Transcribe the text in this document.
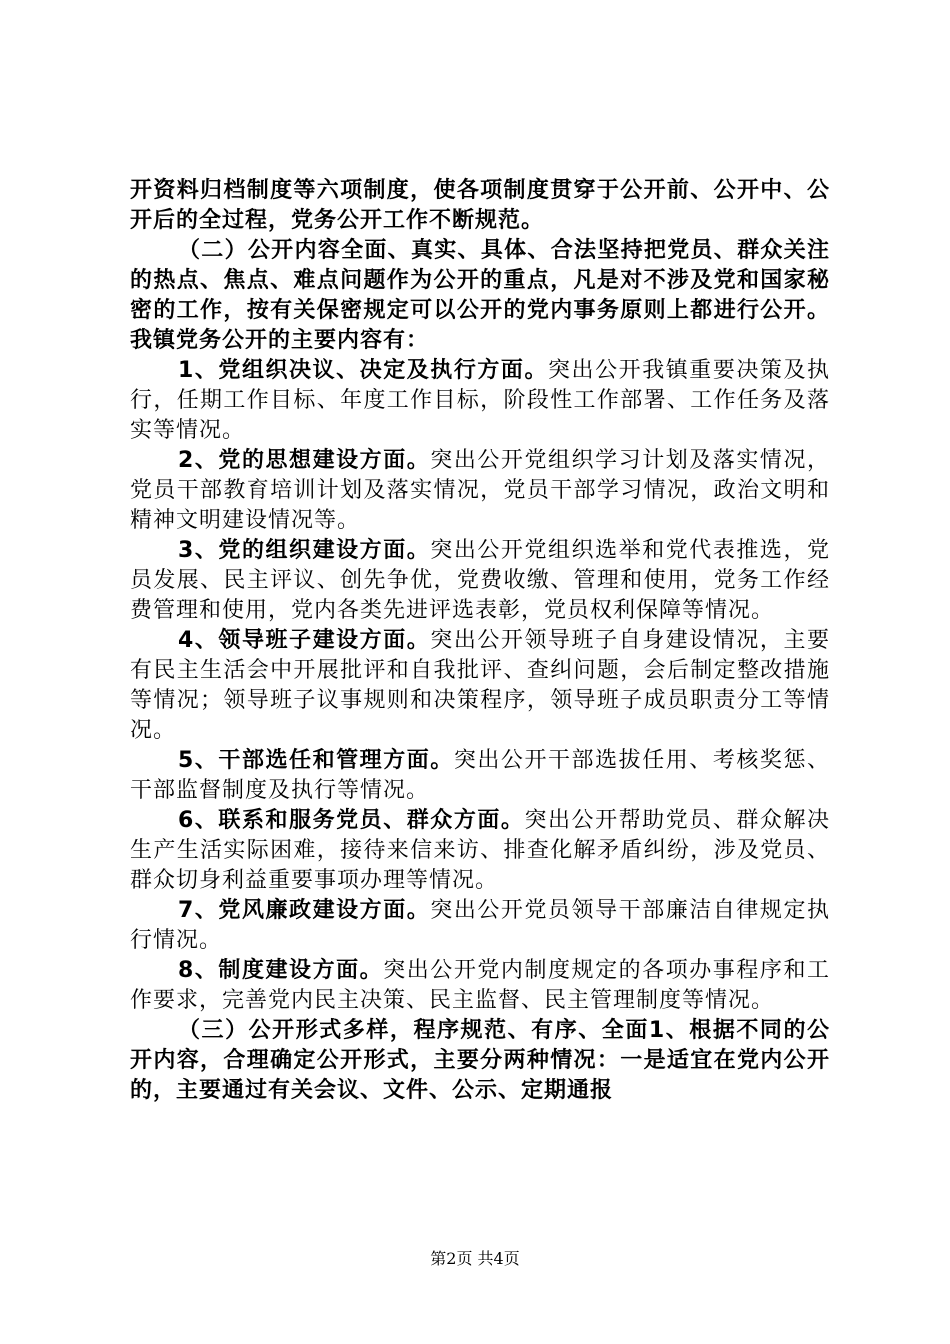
开资料归档制度等六项制度，使各项制度贯穿于公开前、公开中、公开后的全过程，党务公开工作不断规范。

（二）公开内容全面、真实、具体、合法坚持把党员、群众关注的热点、焦点、难点问题作为公开的重点，凡是对不涉及党和国家秘密的工作，按有关保密规定可以公开的党内事务原则上都进行公开。我镇党务公开的主要内容有：

1、党组织决议、决定及执行方面。突出公开我镇重要决策及执行，任期工作目标、年度工作目标，阶段性工作部署、工作任务及落实等情况。

2、党的思想建设方面。突出公开党组织学习计划及落实情况，党员干部教育培训计划及落实情况，党员干部学习情况，政治文明和精神文明建设情况等。

3、党的组织建设方面。突出公开党组织选举和党代表推选，党员发展、民主评议、创先争优，党费收缴、管理和使用，党务工作经费管理和使用，党内各类先进评选表彰，党员权利保障等情况。

4、领导班子建设方面。突出公开领导班子自身建设情况，主要有民主生活会中开展批评和自我批评、查纠问题，会后制定整改措施等情况；领导班子议事规则和决策程序，领导班子成员职责分工等情况。

5、干部选任和管理方面。突出公开干部选拔任用、考核奖惩、干部监督制度及执行等情况。

6、联系和服务党员、群众方面。突出公开帮助党员、群众解决生产生活实际困难，接待来信来访、排查化解矛盾纠纷，涉及党员、群众切身利益重要事项办理等情况。

7、党风廉政建设方面。突出公开党员领导干部廉洁自律规定执行情况。

8、制度建设方面。突出公开党内制度规定的各项办事程序和工作要求，完善党内民主决策、民主监督、民主管理制度等情况。

（三）公开形式多样，程序规范、有序、全面1、根据不同的公开内容，合理确定公开形式，主要分两种情况：一是适宜在党内公开的，主要通过有关会议、文件、公示、定期通报

第2页 共4页
